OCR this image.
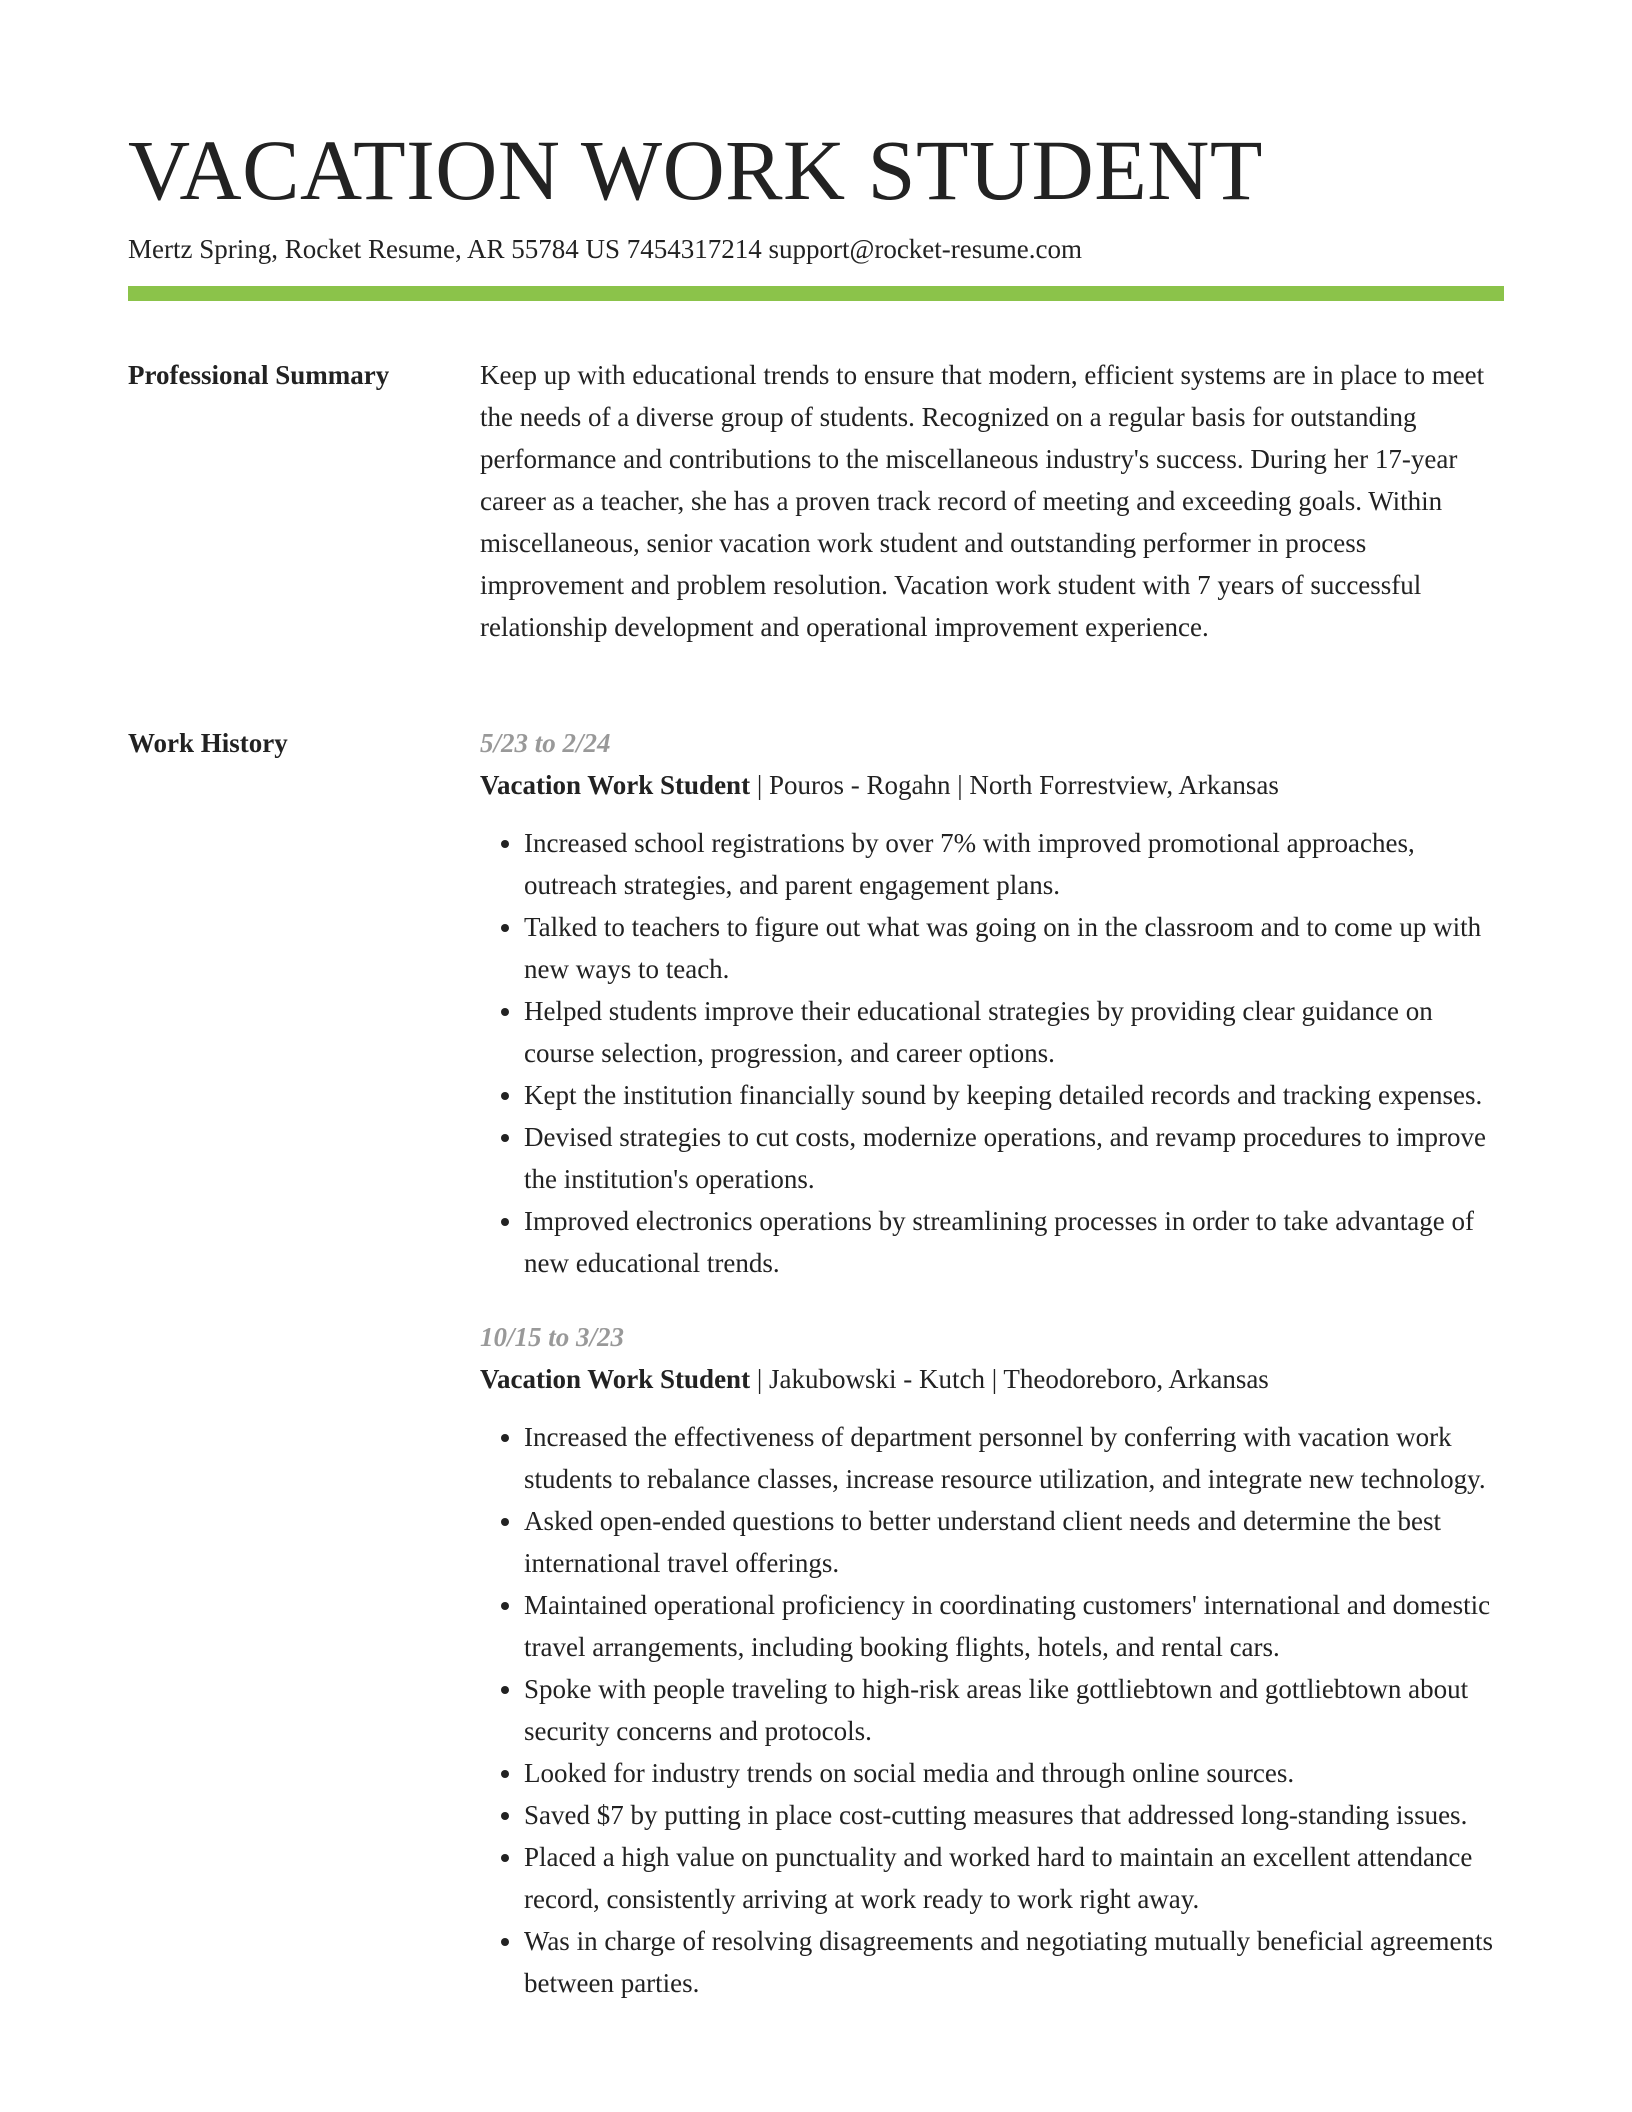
VACATION WORK STUDENT
Mertz Spring, Rocket Resume, AR 55784 US 7454317214 support@rocket-resume.com
Professional Summary	Keep up with educational trends to ensure that modern, efficient systems are in place to meet the needs of a diverse group of students. Recognized on a regular basis for outstanding performance and contributions to the miscellaneous industry's success. During her 17-year career as a teacher, she has a proven track record of meeting and exceeding goals. Within miscellaneous, senior vacation work student and outstanding performer in process improvement and problem resolution. Vacation work student with 7 years of successful relationship development and operational improvement experience.

Work History	5/23 to 2/24
Vacation Work Student | Pouros - Rogahn | North Forrestview, Arkansas
• Increased school registrations by over 7% with improved promotional approaches, outreach strategies, and parent engagement plans.
• Talked to teachers to figure out what was going on in the classroom and to come up with new ways to teach.
• Helped students improve their educational strategies by providing clear guidance on course selection, progression, and career options.
• Kept the institution financially sound by keeping detailed records and tracking expenses.
• Devised strategies to cut costs, modernize operations, and revamp procedures to improve the institution's operations.
• Improved electronics operations by streamlining processes in order to take advantage of new educational trends.
10/15 to 3/23
Vacation Work Student | Jakubowski - Kutch | Theodoreboro, Arkansas
• Increased the effectiveness of department personnel by conferring with vacation work students to rebalance classes, increase resource utilization, and integrate new technology.
• Asked open-ended questions to better understand client needs and determine the best international travel offerings.
• Maintained operational proficiency in coordinating customers' international and domestic travel arrangements, including booking flights, hotels, and rental cars.
• Spoke with people traveling to high-risk areas like gottliebtown and gottliebtown about security concerns and protocols.
• Looked for industry trends on social media and through online sources.
• Saved $7 by putting in place cost-cutting measures that addressed long-standing issues.
• Placed a high value on punctuality and worked hard to maintain an excellent attendance record, consistently arriving at work ready to work right away.
• Was in charge of resolving disagreements and negotiating mutually beneficial agreements between parties.
